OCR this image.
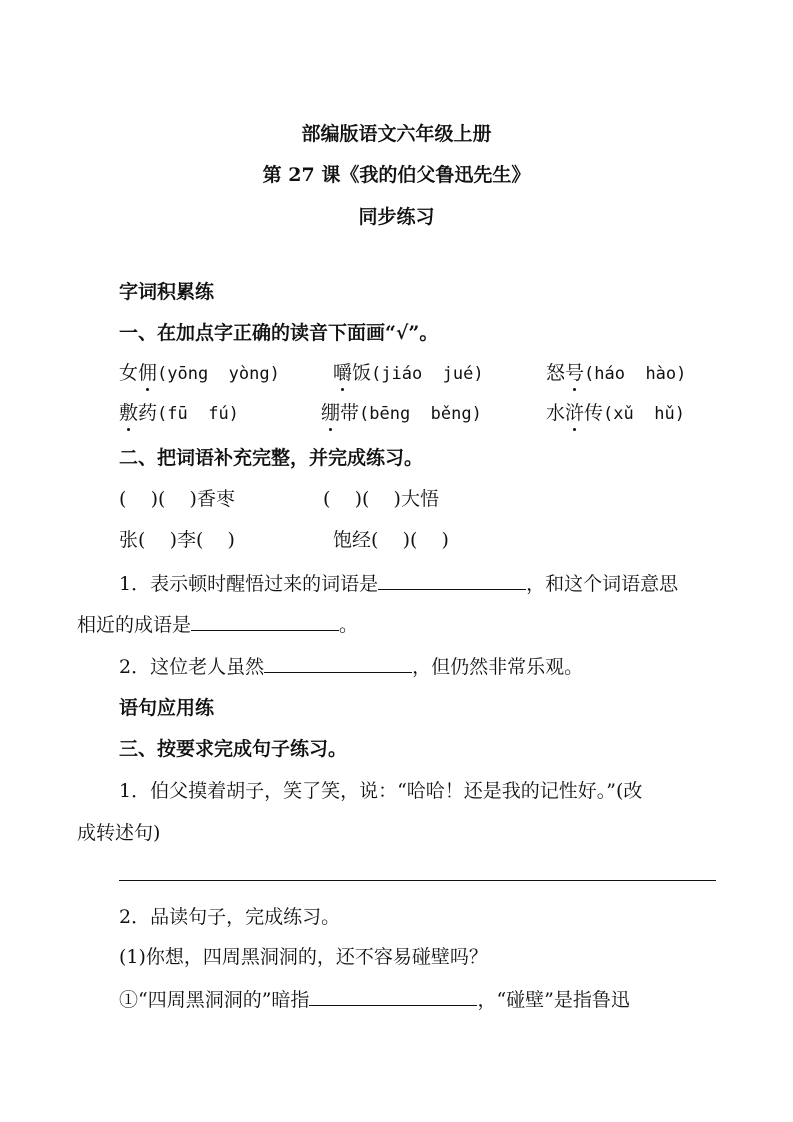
部编版语文六年级上册
第 27 课《我的伯父鲁迅先生》
同步练习
字词积累练
一、在加点字正确的读音下面画“√”。
女佣(yōng  yòng)	嚼饭(jiáo  jué)	怒号(háo  hào)
敷药(fū  fú)	绷带(bēng  běng)	水浒传(xǔ  hǔ)
二、把词语补充完整，并完成练习。
(    )(    )香枣	(    )(    )大悟
张(    )李(    )	饱经(    )(    )
1．表示顿时醒悟过来的词语是	，和这个词语意思
相近的成语是	。
2．这位老人虽然	，但仍然非常乐观。
语句应用练
三、按要求完成句子练习。
1．伯父摸着胡子，笑了笑，说：“哈哈！还是我的记性好。”(改
成转述句)
2．品读句子，完成练习。
(1)你想，四周黑洞洞的，还不容易碰壁吗？
①“四周黑洞洞的”暗指	，“碰壁”是指鲁迅
